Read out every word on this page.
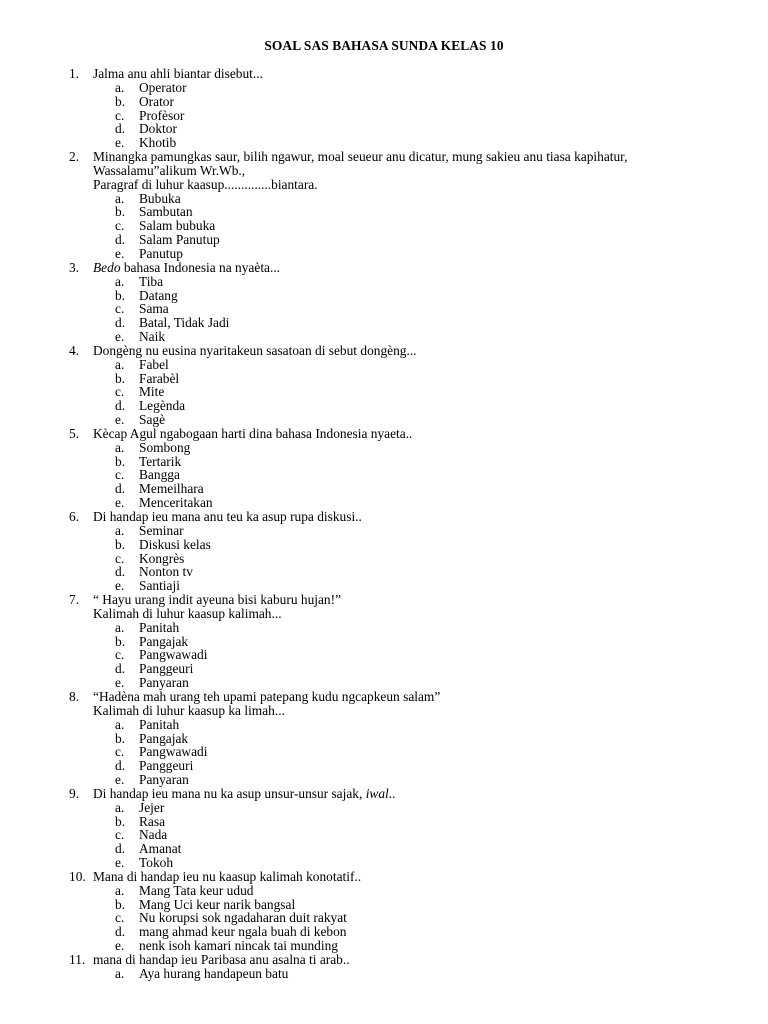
SOAL SAS BAHASA SUNDA KELAS 10
1.	Jalma anu ahli biantar disebut...
a. Operator
b. Orator
c. Profèsor
d. Doktor
e. Khotib
2.	Minangka pamungkas saur, bilih ngawur, moal seueur anu dicatur, mung sakieu anu tiasa kapihatur,
Wassalamu”alikum Wr.Wb.,
Paragraf di luhur kaasup..............biantara.
a. Bubuka
b. Sambutan
c. Salam bubuka
d. Salam Panutup
e. Panutup
3.	Bedo bahasa Indonesia na nyaèta...
a. Tiba
b. Datang
c. Sama
d. Batal, Tidak Jadi
e. Naik
4.	Dongèng nu eusina nyaritakeun sasatoan di sebut dongèng...
a. Fabel
b. Farabèl
c. Mite
d. Legènda
e. Sagè
5.	Kècap Agul ngabogaan harti dina bahasa Indonesia nyaeta..
a. Sombong
b. Tertarik
c. Bangga
d. Memeilhara
e. Menceritakan
6.	Di handap ieu mana anu teu ka asup rupa diskusi..
a. Seminar
b. Diskusi kelas
c. Kongrès
d. Nonton tv
e. Santiaji
7.	“ Hayu urang indit ayeuna bisi kaburu hujan!”
Kalimah di luhur kaasup kalimah...
a. Panitah
b. Pangajak
c. Pangwawadi
d. Panggeuri
e. Panyaran
8.	“Hadèna mah urang teh upami patepang kudu ngcapkeun salam”
Kalimah di luhur kaasup ka limah...
a. Panitah
b. Pangajak
c. Pangwawadi
d. Panggeuri
e. Panyaran
9.	Di handap ieu mana nu ka asup unsur-unsur sajak, iwal..
a. Jejer
b. Rasa
c. Nada
d. Amanat
e. Tokoh
10. Mana di handap ieu nu kaasup kalimah konotatif..
a. Mang Tata keur udud
b. Mang Uci keur narik bangsal
c. Nu korupsi sok ngadaharan duit rakyat
d. mang ahmad keur ngala buah di kebon
e. nenk isoh kamari nincak tai munding
11. mana di handap ieu Paribasa anu asalna ti arab..
a. Aya hurang handapeun batu
